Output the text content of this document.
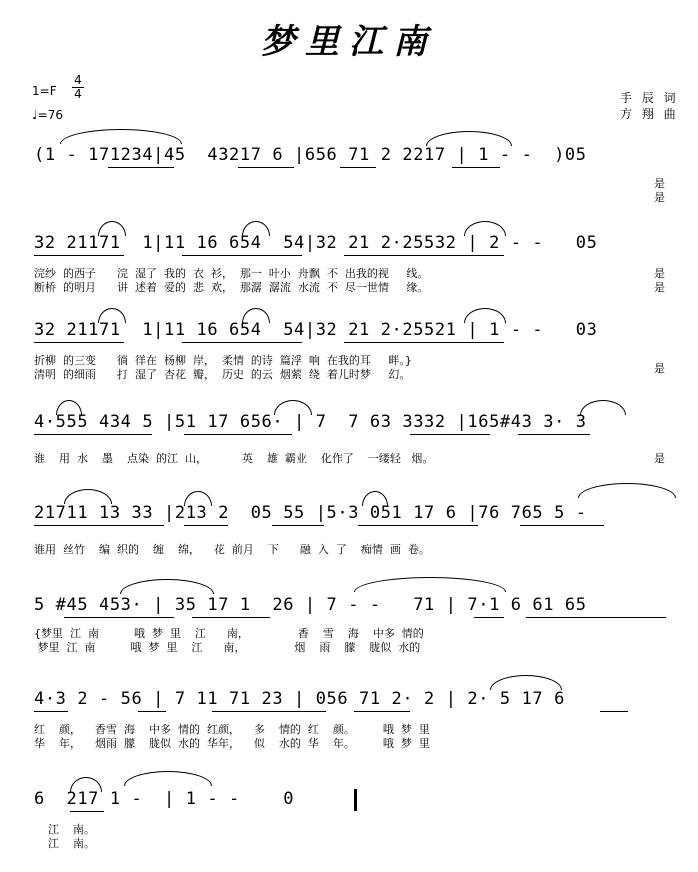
梦里江南
1=F
4
4
♩=76
手 辰 词
方 翔 曲
(1 - 171234|45  43217 6 |656 71 2 2217 | 1 - -  )05
是
是
32 21171  1|11 16 654  54|32 21 2·25532 | 2 - -   05
浣纱  的西子      浣  湿了  我的  衣  衫，  那一  叶小  舟飘  不  出我的视     线。
断桥  的明月      讲  述着  爱的  悲  欢，  那潺  潺流  水流  不  尽一世情     缘。
是
是
32 21171  1|11 16 654  54|32 21 2·25521 | 1 - -   03
折柳  的三变      徜  徉在  杨柳  岸，  柔情  的诗  篇浮  响  在我的耳     畔。}
清明  的细雨      打  湿了  杏花  瓣，  历史  的云  烟萦  绕  着儿时梦     幻。	是
4·555 434 5 |51 17 656· | 7  7 63 3332 |165#43 3· 3
谁    用  水    墨    点染  的江  山，          英    雄  霸业    化作了    一缕轻   烟。	是
21711 13 33 |213 2  05 55 |5·3 051 17 6 |76 765 5 -
谁用  丝竹    编  织的    缠    绵，    花  前月    下      融  入  了    痴情  画  卷。
5 #45 453· | 35 17 1  26 | 7 - -   71 | 7·1 6 61 65
{梦里  江  南          哦  梦  里    江      南，              香    雪    海    中多  情的
梦里  江  南          哦  梦  里    江      南，              烟    雨    朦    胧似  水的
4·3 2 - 56 | 7 11 71 23 | 056 71 2· 2 | 2· 5 17 6
红    颜，    香雪  海    中多  情的  红颜，    多    情的  红    颜。        哦  梦  里
华    年，    烟雨  朦    胧似  水的  华年，    似    水的  华    年。        哦  梦  里
6  217 1 -  | 1 - -    0
江    南。
江    南。
